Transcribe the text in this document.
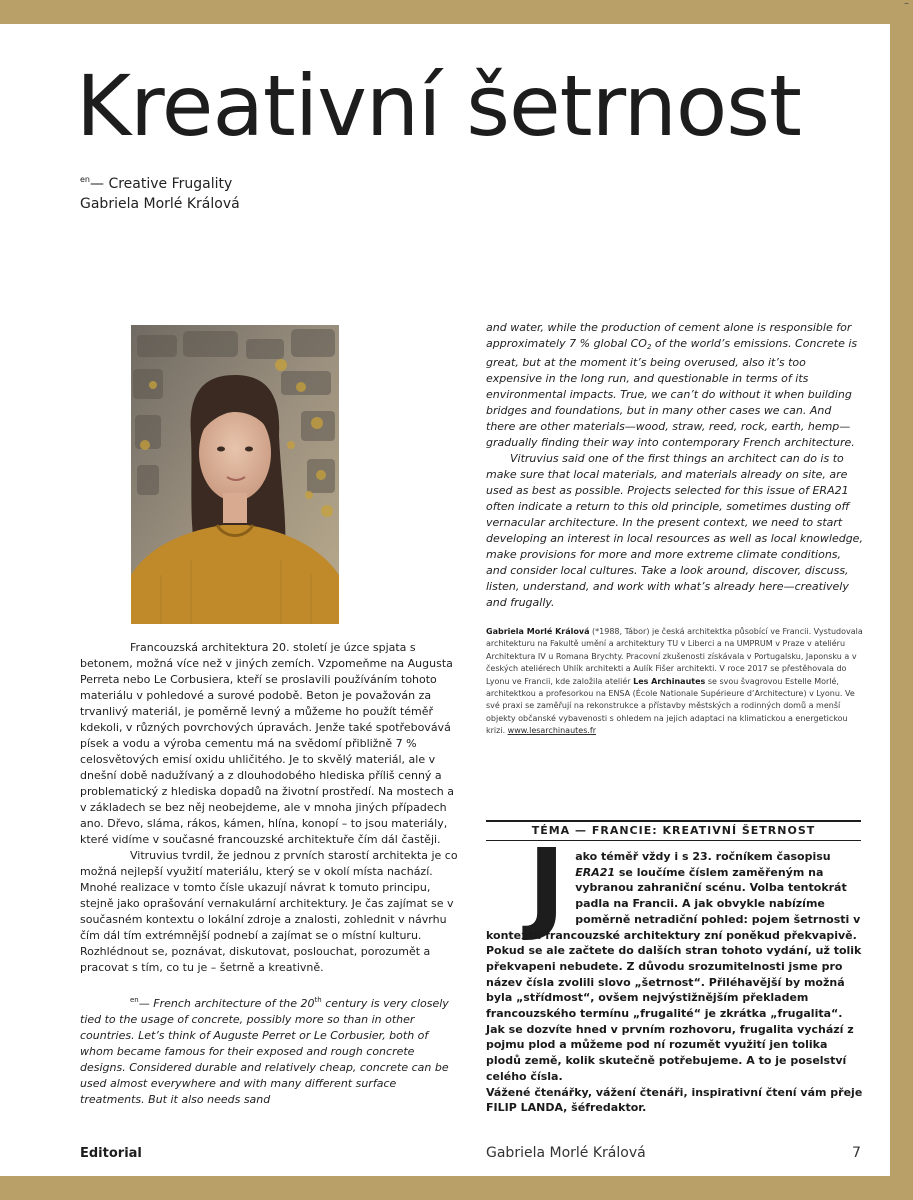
Kreativní šetrnost
$^{en}$— Creative Frugality
Gabriela Morlé Králová

Francouzská architektura 20. století je úzce spjata s betonem, možná více než v jiných zemích. Vzpomeňme na Augusta Perreta nebo Le Corbusiera, kteří se proslavili používáním tohoto materiálu v pohledové a surové podobě. Beton je považován za trvanlivý materiál, je poměrně levný a můžeme ho použít téměř kdekoli, v různých povrchových úpravách. Jenže také spotřebovává písek a vodu a výroba cementu má na svědomí přibližně 7 % celosvětových emisí oxidu uhličitého. Je to skvělý materiál, ale v dnešní době nadužívaný a z dlouhodobého hlediska příliš cenný a problematický z hlediska dopadů na životní prostředí. Na mostech a v základech se bez něj neobejdeme, ale v mnoha jiných případech ano. Dřevo, sláma, rákos, kámen, hlína, konopí – to jsou materiály, které vidíme v současné francouzské architektuře čím dál častěji.

Vitruvius tvrdil, že jednou z prvních starostí architekta je co možná nejlepší využití materiálu, který se v okolí místa nachází. Mnohé realizace v tomto čísle ukazují návrat k tomuto principu, stejně jako oprašování vernakulární architektury. Je čas zajímat se v současném kontextu o lokální zdroje a znalosti, zohlednit v návrhu čím dál tím extrémnější podnebí a zajímat se o místní kulturu. Rozhlédnout se, poznávat, diskutovat, poslouchat, porozumět a pracovat s tím, co tu je – šetrně a kreativně.

$^{en}$— French architecture of the 20th century is very closely tied to the usage of concrete, possibly more so than in other countries. Let’s think of Auguste Perret or Le Corbusier, both of whom became famous for their exposed and rough concrete designs. Considered durable and relatively cheap, concrete can be used almost everywhere and with many different surface treatments. But it also needs sand

and water, while the production of cement alone is responsible for approximately 7 % global $CO_2$ of the world’s emissions. Concrete is great, but at the moment it’s being overused, also it’s too expensive in the long run, and questionable in terms of its environmental impacts. True, we can’t do without it when building bridges and foundations, but in many other cases we can. And there are other materials—wood, straw, reed, rock, earth, hemp—gradually finding their way into contemporary French architecture.

Vitruvius said one of the first things an architect can do is to make sure that local materials, and materials already on site, are used as best as possible. Projects selected for this issue of ERA21 often indicate a return to this old principle, sometimes dusting off vernacular architecture. In the present context, we need to start developing an interest in local resources as well as local knowledge, make provisions for more and more extreme climate conditions, and consider local cultures. Take a look around, discover, discuss, listen, understand, and work with what’s already here—creatively and frugally.

Gabriela Morlé Králová (*1988, Tábor) je česká architektka působící ve Francii. Vystudovala architekturu na Fakultě umění a architektury TU v Liberci a na UMPRUM v Praze v ateliéru Architektura IV u Romana Brychty. Pracovní zkušenosti získávala v Portugalsku, Japonsku a v českých ateliérech Uhlík architekti a Aulík Fišer architekti. V roce 2017 se přestěhovala do Lyonu ve Francii, kde založila ateliér Les Archinautes se svou švagrovou Estelle Morlé, architektkou a profesorkou na ENSA (École Nationale Supérieure d’Architecture) v Lyonu. Ve své praxi se zaměřují na rekonstrukce a přístavby městských a rodinných domů a menší objekty občanské vybavenosti s ohledem na jejich adaptaci na klimatickou a energetickou krizi. www.lesarchinautes.fr
TÉMA — FRANCIE: KREATIVNÍ ŠETRNOST
J ako téměř vždy i s 23. ročníkem časopisu ERA21 se loučíme číslem zaměřeným na vybranou zahraniční scénu. Volba tentokrát padla na Francii. A jak obvykle nabízíme poměrně netradiční pohled: pojem šetrnosti v kontextu francouzské architektury zní poněkud překvapivě. Pokud se ale začtete do dalších stran tohoto vydání, už tolik překvapeni nebudete. Z důvodu srozumitelnosti jsme pro název čísla zvolili slovo „šetrnost“. Přiléhavější by možná byla „střídmost“, ovšem nejvýstižnějším překladem francouzského termínu „frugalité“ je zkrátka „frugalita“. Jak se dozvíte hned v prvním rozhovoru, frugalita vychází z pojmu plod a můžeme pod ní rozumět využití jen tolika plodů země, kolik skutečně potřebujeme. A to je poselství celého čísla.

Vážené čtenářky, vážení čtenáři, inspirativní čtení vám přeje FILIP LANDA, šéfredaktor.

Editorial	Gabriela Morlé Králová	7
–
